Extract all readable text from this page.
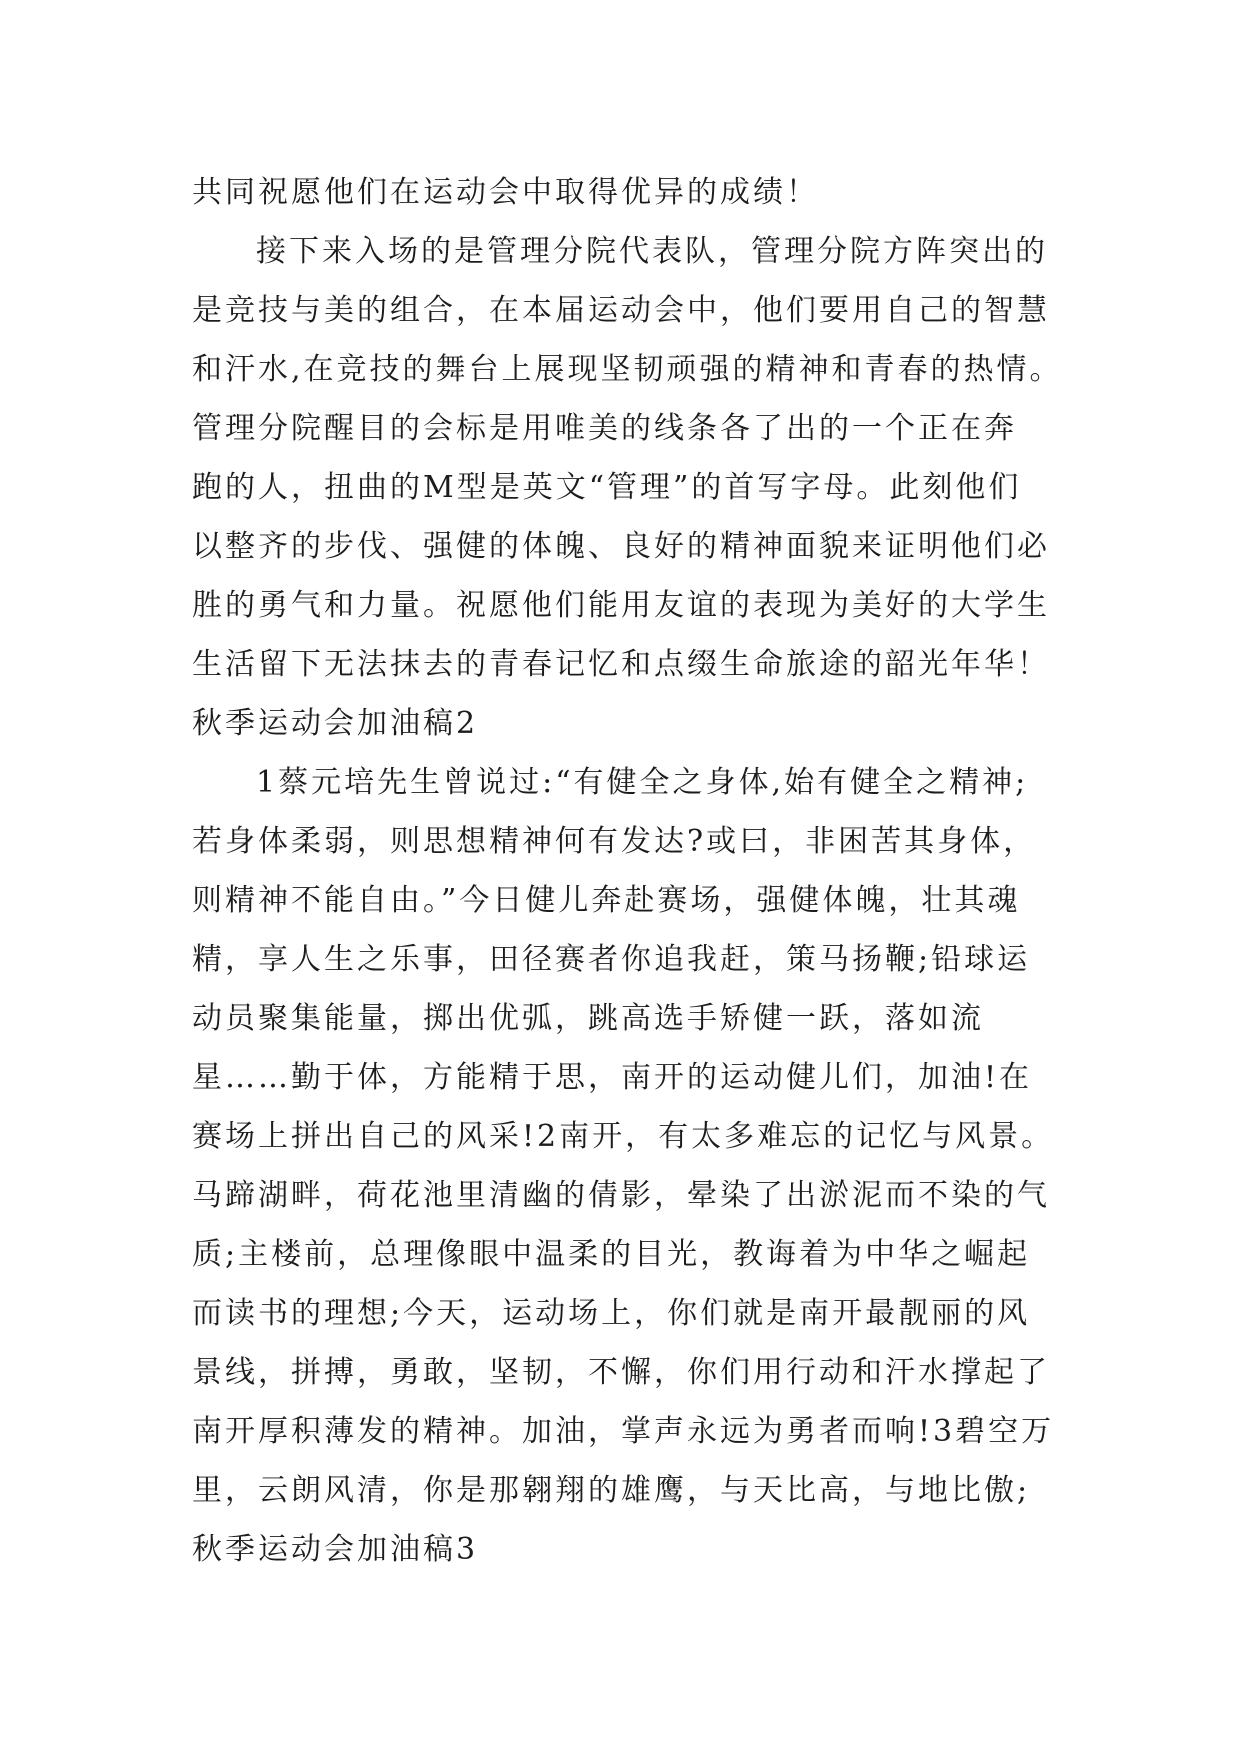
共同祝愿他们在运动会中取得优异的成绩！
接下来入场的是管理分院代表队，管理分院方阵突出的
是竞技与美的组合，在本届运动会中，他们要用自己的智慧
和汗水,在竞技的舞台上展现坚韧顽强的精神和青春的热情。
管理分院醒目的会标是用唯美的线条各了出的一个正在奔
跑的人，扭曲的M型是英文“管理”的首写字母。此刻他们
以整齐的步伐、强健的体魄、良好的精神面貌来证明他们必
胜的勇气和力量。祝愿他们能用友谊的表现为美好的大学生
生活留下无法抹去的青春记忆和点缀生命旅途的韶光年华！
秋季运动会加油稿2
1蔡元培先生曾说过:“有健全之身体,始有健全之精神;
若身体柔弱，则思想精神何有发达?或曰，非困苦其身体，
则精神不能自由。”今日健儿奔赴赛场，强健体魄，壮其魂
精，享人生之乐事，田径赛者你追我赶，策马扬鞭;铅球运
动员聚集能量，掷出优弧，跳高选手矫健一跃，落如流
星……勤于体，方能精于思，南开的运动健儿们，加油!在
赛场上拼出自己的风采!2南开，有太多难忘的记忆与风景。
马蹄湖畔，荷花池里清幽的倩影，晕染了出淤泥而不染的气
质;主楼前，总理像眼中温柔的目光，教诲着为中华之崛起
而读书的理想;今天，运动场上，你们就是南开最靓丽的风
景线，拼搏，勇敢，坚韧，不懈，你们用行动和汗水撑起了
南开厚积薄发的精神。加油，掌声永远为勇者而响!3碧空万
里，云朗风清，你是那翱翔的雄鹰，与天比高，与地比傲;
秋季运动会加油稿3
